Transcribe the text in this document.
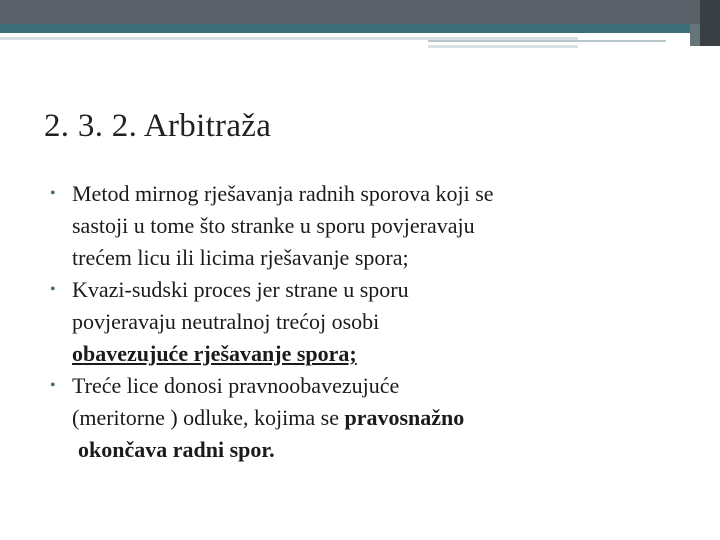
2. 3. 2. Arbitraža
• Metod mirnog rješavanja radnih sporova koji se
sastoji u tome što stranke u sporu povjeravaju
trećem licu ili licima rješavanje spora;
• Kvazi-sudski proces jer strane u sporu
povjeravaju neutralnoj trećoj osobi
obavezujuće rješavanje spora;
• Treće lice donosi pravnoobavezujuće
(meritorne ) odluke, kojima se pravosnažno
okončava radni spor.
